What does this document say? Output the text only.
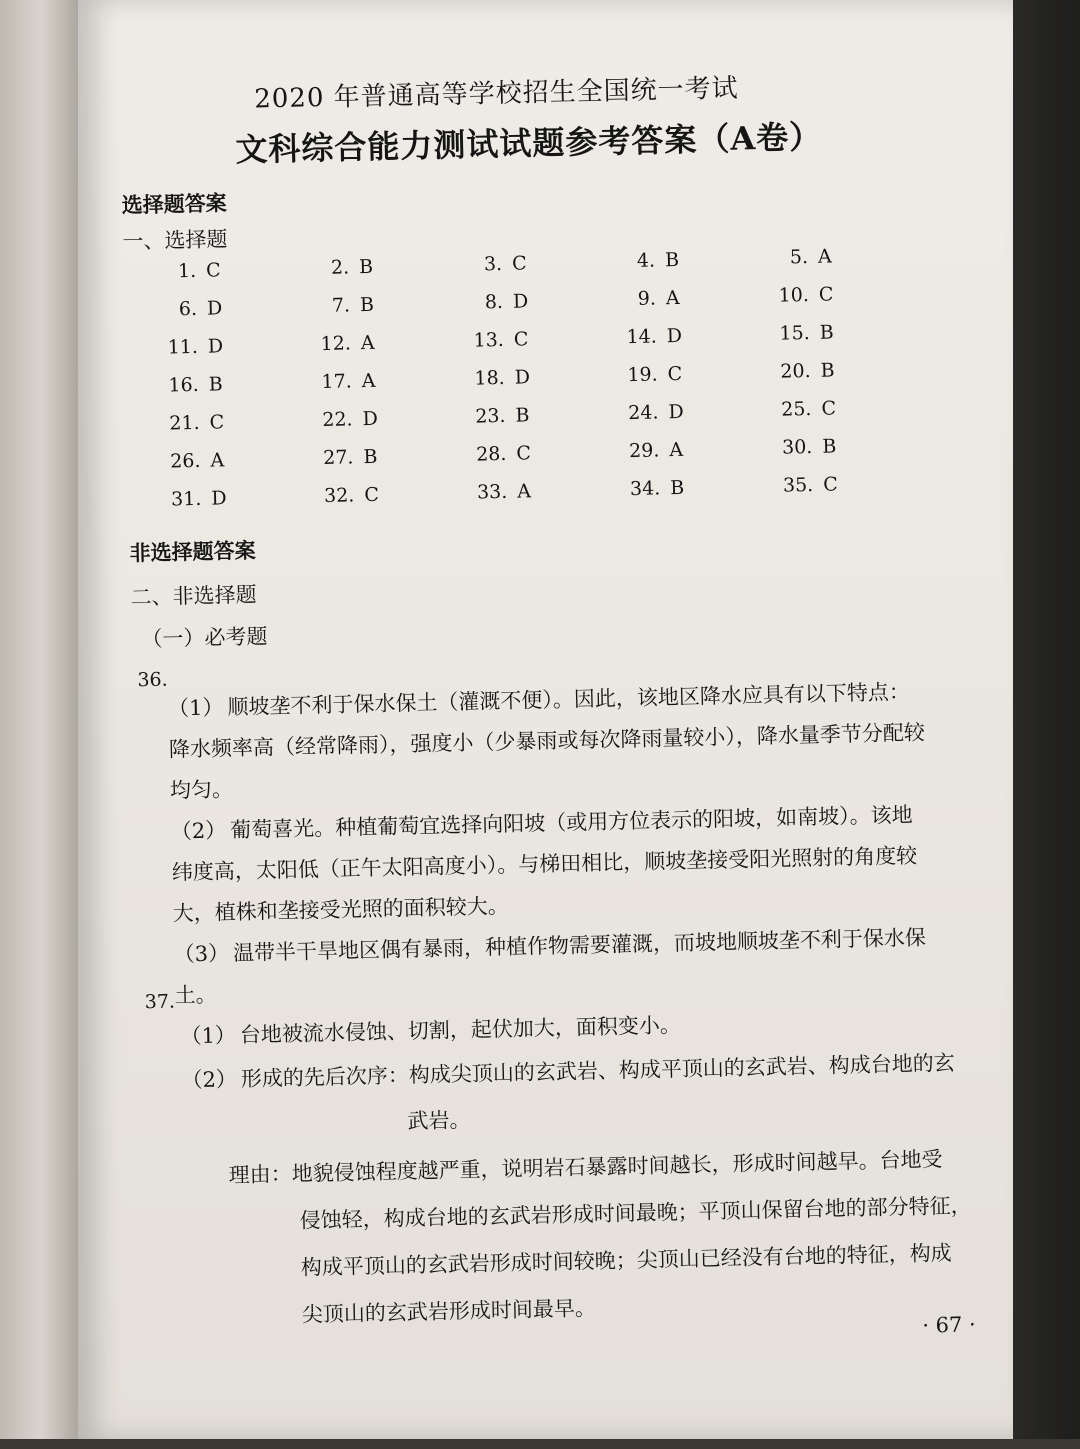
2020 年普通高等学校招生全国统一考试
文科综合能力测试试题参考答案（A卷）
选择题答案
一、选择题
1. C	2. B	3. C	4. B	5. A
6. D	7. B	8. D	9. A	10. C
11. D	12. A	13. C	14. D	15. B
16. B	17. A	18. D	19. C	20. B
21. C	22. D	23. B	24. D	25. C
26. A	27. B	28. C	29. A	30. B
31. D	32. C	33. A	34. B	35. C
非选择题答案
二、非选择题
（一）必考题
36.
（1） 顺坡垄不利于保水保土（灌溉不便）。因此，该地区降水应具有以下特点：降水频率高（经常降雨），强度小（少暴雨或每次降雨量较小），降水量季节分配较均匀。
（2） 葡萄喜光。种植葡萄宜选择向阳坡（或用方位表示的阳坡，如南坡）。该地纬度高，太阳低（正午太阳高度小）。与梯田相比，顺坡垄接受阳光照射的角度较大，植株和垄接受光照的面积较大。
（3） 温带半干旱地区偶有暴雨，种植作物需要灌溉，而坡地顺坡垄不利于保水保土。
37.
（1） 台地被流水侵蚀、切割，起伏加大，面积变小。
（2） 形成的先后次序：构成尖顶山的玄武岩、构成平顶山的玄武岩、构成台地的玄
武岩。
理由：地貌侵蚀程度越严重，说明岩石暴露时间越长，形成时间越早。台地受
侵蚀轻，构成台地的玄武岩形成时间最晚；平顶山保留台地的部分特征，
构成平顶山的玄武岩形成时间较晚；尖顶山已经没有台地的特征，构成
尖顶山的玄武岩形成时间最早。	· 67 ·
